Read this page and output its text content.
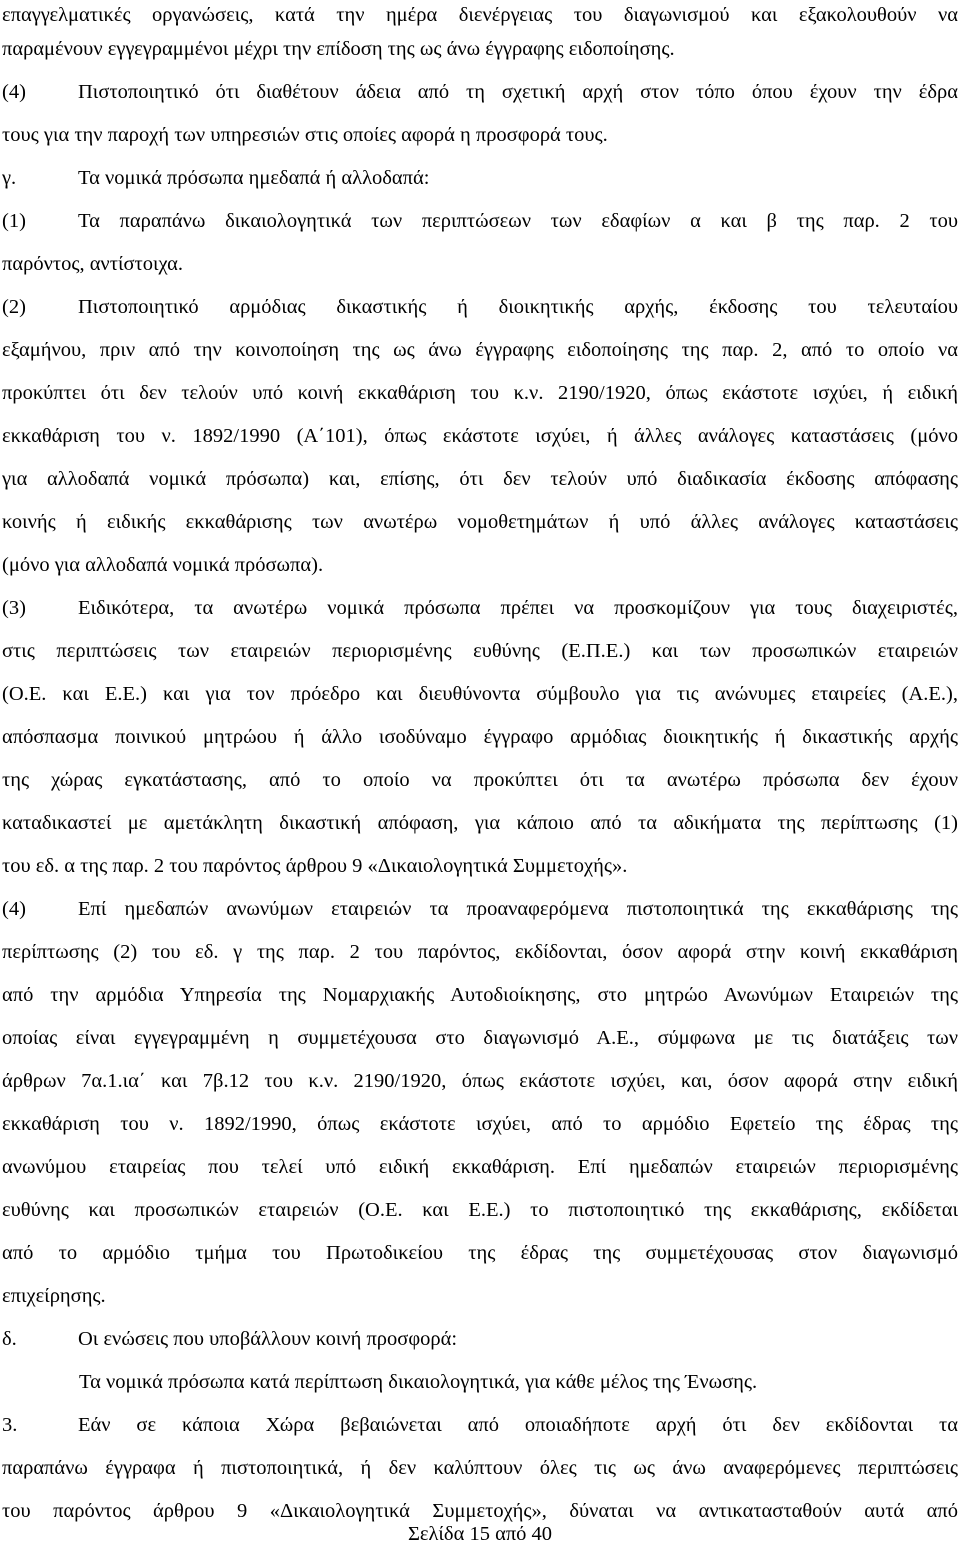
επαγγελματικές οργανώσεις, κατά την ημέρα διενέργειας του διαγωνισμού και εξακολουθούν να
παραμένουν εγγεγραμμένοι μέχρι την επίδοση της ως άνω έγγραφης ειδοποίησης.
(4)	Πιστοποιητικό ότι διαθέτουν άδεια από τη σχετική αρχή στον τόπο όπου έχουν την έδρα
τους για την παροχή των υπηρεσιών στις οποίες αφορά η προσφορά τους.
γ.	Τα νομικά πρόσωπα ημεδαπά ή αλλοδαπά:
(1)	Τα παραπάνω δικαιολογητικά των περιπτώσεων των εδαφίων α και β της παρ. 2 του
παρόντος, αντίστοιχα.
(2)	Πιστοποιητικό αρμόδιας δικαστικής ή διοικητικής αρχής, έκδοσης του τελευταίου
εξαμήνου, πριν από την κοινοποίηση της ως άνω έγγραφης ειδοποίησης της παρ. 2, από το οποίο να
προκύπτει ότι δεν τελούν υπό κοινή εκκαθάριση του κ.ν. 2190/1920, όπως εκάστοτε ισχύει, ή ειδική
εκκαθάριση του ν. 1892/1990 (Α΄101), όπως εκάστοτε ισχύει, ή άλλες ανάλογες καταστάσεις (μόνο
για αλλοδαπά νομικά πρόσωπα) και, επίσης, ότι δεν τελούν υπό διαδικασία έκδοσης απόφασης
κοινής ή ειδικής εκκαθάρισης των ανωτέρω νομοθετημάτων ή υπό άλλες ανάλογες καταστάσεις
(μόνο για αλλοδαπά νομικά πρόσωπα).
(3)	Ειδικότερα, τα ανωτέρω νομικά πρόσωπα πρέπει να προσκομίζουν για τους διαχειριστές,
στις περιπτώσεις των εταιρειών περιορισμένης ευθύνης (Ε.Π.Ε.) και των προσωπικών εταιρειών
(Ο.Ε. και Ε.Ε.) και για τον πρόεδρο και διευθύνοντα σύμβουλο για τις ανώνυμες εταιρείες (Α.Ε.),
απόσπασμα ποινικού μητρώου ή άλλο ισοδύναμο έγγραφο αρμόδιας διοικητικής ή δικαστικής αρχής
της χώρας εγκατάστασης, από το οποίο να προκύπτει ότι τα ανωτέρω πρόσωπα δεν έχουν
καταδικαστεί με αμετάκλητη δικαστική απόφαση, για κάποιο από τα αδικήματα της περίπτωσης (1)
του εδ. α της παρ. 2 του παρόντος άρθρου 9 «Δικαιολογητικά Συμμετοχής».
(4)	Επί ημεδαπών ανωνύμων εταιρειών τα προαναφερόμενα πιστοποιητικά της εκκαθάρισης της
περίπτωσης (2) του εδ. γ της παρ. 2 του παρόντος, εκδίδονται, όσον αφορά στην κοινή εκκαθάριση
από την αρμόδια Υπηρεσία της Νομαρχιακής Αυτοδιοίκησης, στο μητρώο Ανωνύμων Εταιρειών της
οποίας είναι εγγεγραμμένη η συμμετέχουσα στο διαγωνισμό Α.Ε., σύμφωνα με τις διατάξεις των
άρθρων 7α.1.ια΄ και 7β.12 του κ.ν. 2190/1920, όπως εκάστοτε ισχύει, και, όσον αφορά στην ειδική
εκκαθάριση του ν. 1892/1990, όπως εκάστοτε ισχύει, από το αρμόδιο Εφετείο της έδρας της
ανωνύμου εταιρείας που τελεί υπό ειδική εκκαθάριση. Επί ημεδαπών εταιρειών περιορισμένης
ευθύνης και προσωπικών εταιρειών (Ο.Ε. και Ε.Ε.) το πιστοποιητικό της εκκαθάρισης, εκδίδεται
από το αρμόδιο τμήμα του Πρωτοδικείου της έδρας της συμμετέχουσας στον διαγωνισμό
επιχείρησης.
δ.	Οι ενώσεις που υποβάλλουν κοινή προσφορά:
Τα νομικά πρόσωπα κατά περίπτωση δικαιολογητικά, για κάθε μέλος της Ένωσης.
3.	Εάν σε κάποια Χώρα βεβαιώνεται από οποιαδήποτε αρχή ότι δεν εκδίδονται τα
παραπάνω έγγραφα ή πιστοποιητικά, ή δεν καλύπτουν όλες τις ως άνω αναφερόμενες περιπτώσεις
του παρόντος άρθρου 9 «Δικαιολογητικά Συμμετοχής», δύναται να αντικατασταθούν αυτά από
Σελίδα 15 από 40
